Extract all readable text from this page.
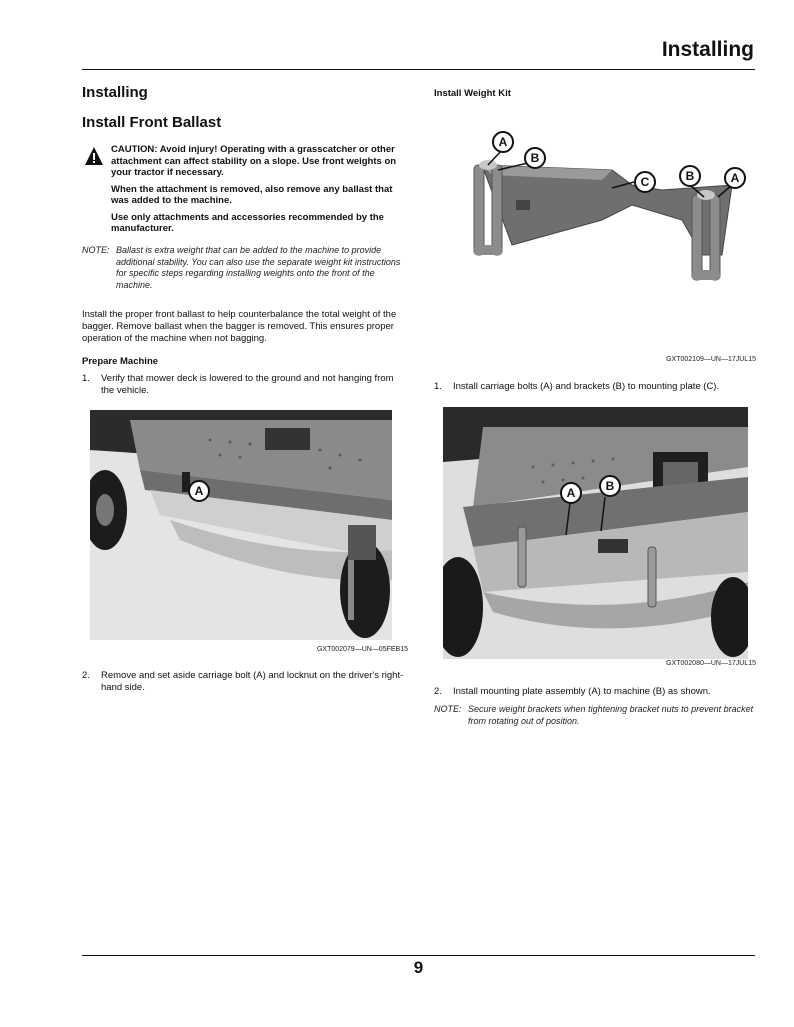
Installing
Installing
Install Front Ballast

CAUTION: Avoid injury! Operating with a grasscatcher or other attachment can affect stability on a slope. Use front weights on your tractor if necessary.

When the attachment is removed, also remove any ballast that was added to the machine.

Use only attachments and accessories recommended by the manufacturer.

NOTE: Ballast is extra weight that can be added to the machine to provide additional stability. You can also use the separate weight kit instructions for specific steps regarding installing weights onto the front of the machine.
Install the proper front ballast to help counterbalance the total weight of the bagger. Remove ballast when the bagger is removed. This ensures proper operation of the machine when not bagging.
Prepare Machine
1.	Verify that mower deck is lowered to the ground and not hanging from the vehicle.
A
GXT002079—UN—05FEB15
2.	Remove and set aside carriage bolt (A) and locknut on the driver's right-hand side.
Install Weight Kit
A
B
C	B	A
GXT002109—UN—17JUL15
1.	Install carriage bolts (A) and brackets (B) to mounting plate (C).
A	B
GXT002080—UN—17JUL15
2.	Install mounting plate assembly (A) to machine (B) as shown.
NOTE: Secure weight brackets when tightening bracket nuts to prevent bracket from rotating out of position.
9
